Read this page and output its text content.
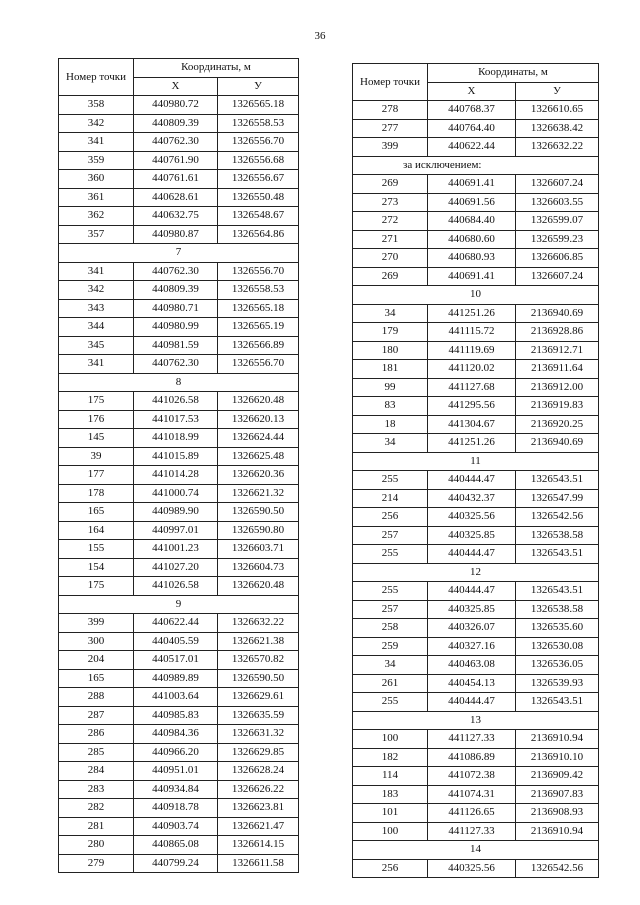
36
Номер точки	Координаты, м	
	X	У
358	440980.72	1326565.18
342	440809.39	1326558.53
341	440762.30	1326556.70
359	440761.90	1326556.68
360	440761.61	1326556.67
361	440628.61	1326550.48
362	440632.75	1326548.67
357	440980.87	1326564.86
7		
341	440762.30	1326556.70
342	440809.39	1326558.53
343	440980.71	1326565.18
344	440980.99	1326565.19
345	440981.59	1326566.89
341	440762.30	1326556.70
8		
175	441026.58	1326620.48
176	441017.53	1326620.13
145	441018.99	1326624.44
39	441015.89	1326625.48
177	441014.28	1326620.36
178	441000.74	1326621.32
165	440989.90	1326590.50
164	440997.01	1326590.80
155	441001.23	1326603.71
154	441027.20	1326604.73
175	441026.58	1326620.48
9		
399	440622.44	1326632.22
300	440405.59	1326621.38
204	440517.01	1326570.82
165	440989.89	1326590.50
288	441003.64	1326629.61
287	440985.83	1326635.59
286	440984.36	1326631.32
285	440966.20	1326629.85
284	440951.01	1326628.24
283	440934.84	1326626.22
282	440918.78	1326623.81
281	440903.74	1326621.47
280	440865.08	1326614.15
279	440799.24	1326611.58
Номер точки	Координаты, м	
	X	У
278	440768.37	1326610.65
277	440764.40	1326638.42
399	440622.44	1326632.22
за исключением:		
269	440691.41	1326607.24
273	440691.56	1326603.55
272	440684.40	1326599.07
271	440680.60	1326599.23
270	440680.93	1326606.85
269	440691.41	1326607.24
10		
34	441251.26	2136940.69
179	441115.72	2136928.86
180	441119.69	2136912.71
181	441120.02	2136911.64
99	441127.68	2136912.00
83	441295.56	2136919.83
18	441304.67	2136920.25
34	441251.26	2136940.69
11		
255	440444.47	1326543.51
214	440432.37	1326547.99
256	440325.56	1326542.56
257	440325.85	1326538.58
255	440444.47	1326543.51
12		
255	440444.47	1326543.51
257	440325.85	1326538.58
258	440326.07	1326535.60
259	440327.16	1326530.08
34	440463.08	1326536.05
261	440454.13	1326539.93
255	440444.47	1326543.51
13		
100	441127.33	2136910.94
182	441086.89	2136910.10
114	441072.38	2136909.42
183	441074.31	2136907.83
101	441126.65	2136908.93
100	441127.33	2136910.94
14		
256	440325.56	1326542.56
